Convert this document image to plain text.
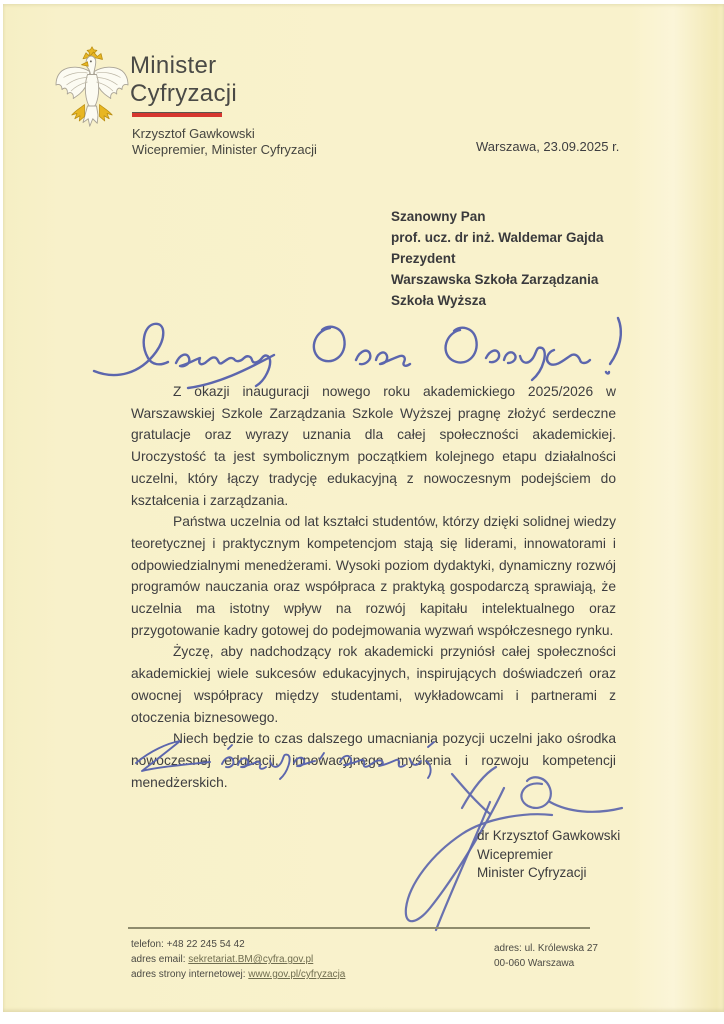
Minister
Cyfryzacji
Krzysztof Gawkowski
Wicepremier, Minister Cyfryzacji	Warszawa, 23.09.2025 r.
Szanowny Pan
prof. ucz. dr inż. Waldemar Gajda
Prezydent
Warszawska Szkoła Zarządzania
Szkoła Wyższa

Z okazji inauguracji nowego roku akademickiego 2025/2026 w Warszawskiej Szkole Zarządzania Szkole Wyższej pragnę złożyć serdeczne gratulacje oraz wyrazy uznania dla całej społeczności akademickiej. Uroczystość ta jest symbolicznym początkiem kolejnego etapu działalności uczelni, który łączy tradycję edukacyjną z nowoczesnym podejściem do kształcenia i zarządzania.

Państwa uczelnia od lat kształci studentów, którzy dzięki solidnej wiedzy teoretycznej i praktycznym kompetencjom stają się liderami, innowatorami i odpowiedzialnymi menedżerami. Wysoki poziom dydaktyki, dynamiczny rozwój programów nauczania oraz współpraca z praktyką gospodarczą sprawiają, że uczelnia ma istotny wpływ na rozwój kapitału intelektualnego oraz przygotowanie kadry gotowej do podejmowania wyzwań współczesnego rynku.

Życzę, aby nadchodzący rok akademicki przyniósł całej społeczności akademickiej wiele sukcesów edukacyjnych, inspirujących doświadczeń oraz owocnej współpracy między studentami, wykładowcami i partnerami z otoczenia biznesowego.

Niech będzie to czas dalszego umacniania pozycji uczelni jako ośrodka nowoczesnej edukacji, innowacyjnego myślenia i rozwoju kompetencji menedżerskich.

dr Krzysztof Gawkowski
Wicepremier
Minister Cyfryzacji
telefon: +48 22 245 54 42
adres email: sekretariat.BM@cyfra.gov.pl
adres strony internetowej: www.gov.pl/cyfryzacja
adres: ul. Królewska 27
00-060 Warszawa
